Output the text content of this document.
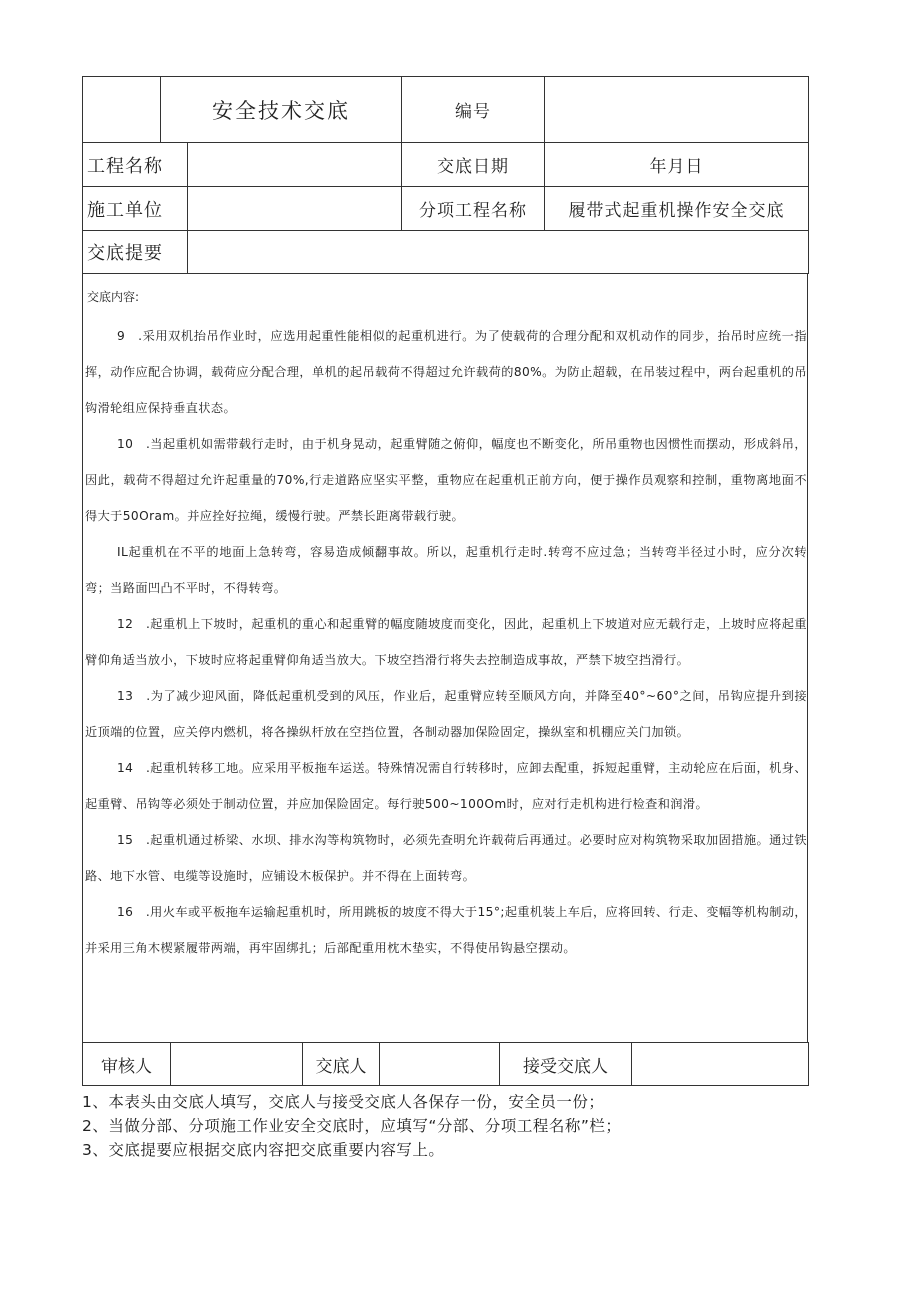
	安全技术交底		编号	
工程名称			交底日期	年月日
施工单位			分项工程名称	履带式起重机操作安全交底
交底提要				
交底内容:

9　.采用双机抬吊作业时，应选用起重性能相似的起重机进行。为了使载荷的合理分配和双机动作的同步，抬吊时应统一指挥，动作应配合协调，载荷应分配合理，单机的起吊载荷不得超过允许载荷的80%。为防止超载，在吊装过程中，两台起重机的吊钩滑轮组应保持垂直状态。

10　.当起重机如需带载行走时，由于机身晃动，起重臂随之俯仰，幅度也不断变化，所吊重物也因惯性而摆动，形成斜吊，因此，载荷不得超过允许起重量的70%,行走道路应坚实平整，重物应在起重机正前方向，便于操作员观察和控制，重物离地面不得大于50Oram。并应拴好拉绳，缓慢行驶。严禁长距离带载行驶。

IL起重机在不平的地面上急转弯，容易造成倾翻事故。所以，起重机行走时.转弯不应过急；当转弯半径过小时，应分次转弯；当路面凹凸不平时，不得转弯。

12　.起重机上下坡时，起重机的重心和起重臂的幅度随坡度而变化，因此，起重机上下坡道对应无载行走，上坡时应将起重臂仰角适当放小，下坡时应将起重臂仰角适当放大。下坡空挡滑行将失去控制造成事故，严禁下坡空挡滑行。

13　.为了减少迎风面，降低起重机受到的风压，作业后，起重臂应转至顺风方向，并降至40°~60°之间，吊钩应提升到接近顶端的位置，应关停内燃机，将各操纵杆放在空挡位置，各制动器加保险固定，操纵室和机棚应关门加锁。

14　.起重机转移工地。应采用平板拖车运送。特殊情况需自行转移时，应卸去配重，拆短起重臂，主动轮应在后面，机身、起重臂、吊钩等必须处于制动位置，并应加保险固定。每行驶500~100Om时，应对行走机构进行检查和润滑。

15　.起重机通过桥梁、水坝、排水沟等构筑物时，必须先查明允许载荷后再通过。必要时应对构筑物采取加固措施。通过铁路、地下水管、电缆等设施时，应铺设木板保护。并不得在上面转弯。

16　.用火车或平板拖车运输起重机时，所用跳板的坡度不得大于15°;起重机装上车后，应将回转、行走、变幅等机构制动，并采用三角木楔紧履带两端，再牢固绑扎；后部配重用枕木垫实，不得使吊钩悬空摆动。

审核人		交底人		接受交底人	
1、本表头由交底人填写，交底人与接受交底人各保存一份，安全员一份；
2、当做分部、分项施工作业安全交底时，应填写“分部、分项工程名称”栏；
3、交底提要应根据交底内容把交底重要内容写上。
